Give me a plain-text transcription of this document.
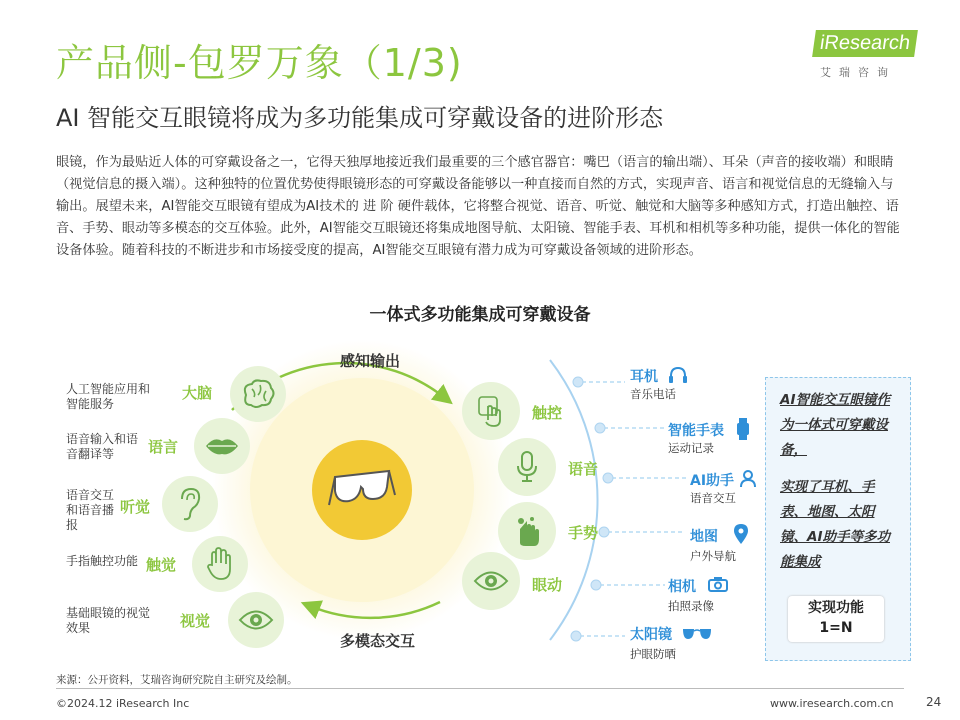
产品侧-包罗万象（1/3)
AI 智能交互眼镜将成为多功能集成可穿戴设备的进阶形态
iResearch
艾瑞咨询
眼镜，作为最贴近人体的可穿戴设备之一，它得天独厚地接近我们最重要的三个感官器官：嘴巴（语言的输出端）、耳朵（声音的接收端）和眼睛（视觉信息的摄入端）。这种独特的位置优势使得眼镜形态的可穿戴设备能够以一种直接而自然的方式，实现声音、语言和视觉信息的无缝输入与输出。展望未来，AI智能交互眼镜有望成为AI技术的 进 阶 硬件载体，它将整合视觉、语音、听觉、触觉和大脑等多种感知方式，打造出触控、语音、手势、眼动等多模态的交互体验。此外，AI智能交互眼镜还将集成地图导航、太阳镜、智能手表、耳机和相机等多种功能，提供一体化的智能设备体验。随着科技的不断进步和市场接受度的提高，AI智能交互眼镜有潜力成为可穿戴设备领域的进阶形态。
一体式多功能集成可穿戴设备
感知输出
多模态交互
人工智能应用和智能服务
大脑
语音输入和语音翻译等	语言
语音交互和语音播报
听觉
手指触控功能 触觉
基础眼镜的视觉效果	视觉
触控
语音
手势
眼动
耳机
音乐电话
智能手表
运动记录
AI助手
语音交互
地图
户外导航
相机
拍照录像
太阳镜
护眼防晒
AI智能交互眼镜作为一体式可穿戴设备，
实现了耳机、手表、地图、太阳镜、AI助手等多功能集成
实现功能
1=N
来源：公开资料，艾瑞咨询研究院自主研究及绘制。
©2024.12 iResearch Inc	www.iresearch.com.cn	24
